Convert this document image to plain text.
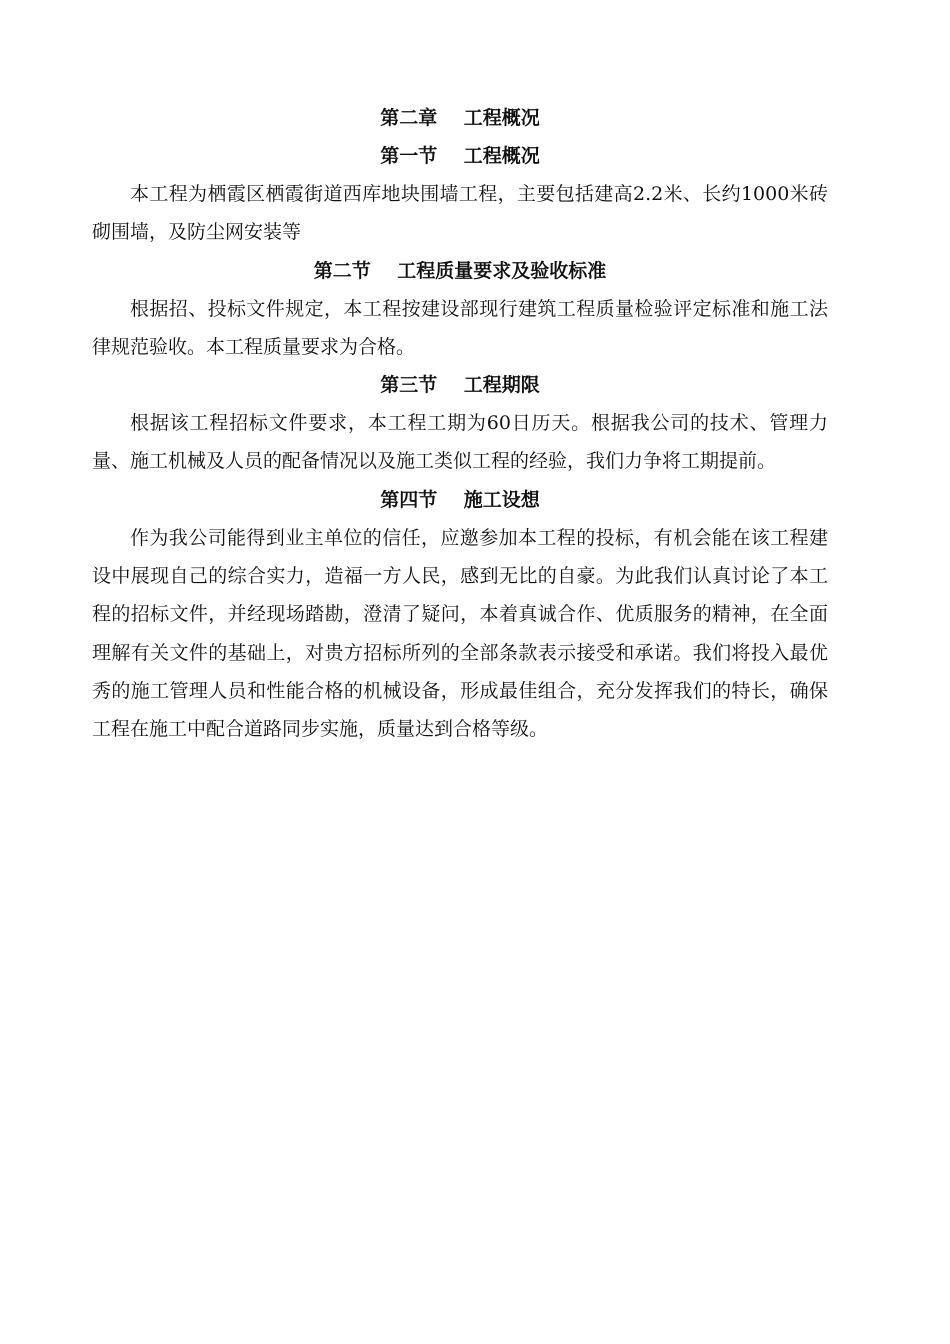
第二章    工程概况
第一节    工程概况

本工程为栖霞区栖霞街道西库地块围墙工程，主要包括建高2.2米、长约1000米砖砌围墙，及防尘网安装等

第二节    工程质量要求及验收标准

根据招、投标文件规定，本工程按建设部现行建筑工程质量检验评定标准和施工法律规范验收。本工程质量要求为合格。

第三节    工程期限

根据该工程招标文件要求，本工程工期为60日历天。根据我公司的技术、管理力量、施工机械及人员的配备情况以及施工类似工程的经验，我们力争将工期提前。

第四节    施工设想

作为我公司能得到业主单位的信任，应邀参加本工程的投标，有机会能在该工程建设中展现自己的综合实力，造福一方人民，感到无比的自豪。为此我们认真讨论了本工程的招标文件，并经现场踏勘，澄清了疑问，本着真诚合作、优质服务的精神，在全面理解有关文件的基础上，对贵方招标所列的全部条款表示接受和承诺。我们将投入最优秀的施工管理人员和性能合格的机械设备，形成最佳组合，充分发挥我们的特长，确保工程在施工中配合道路同步实施，质量达到合格等级。
